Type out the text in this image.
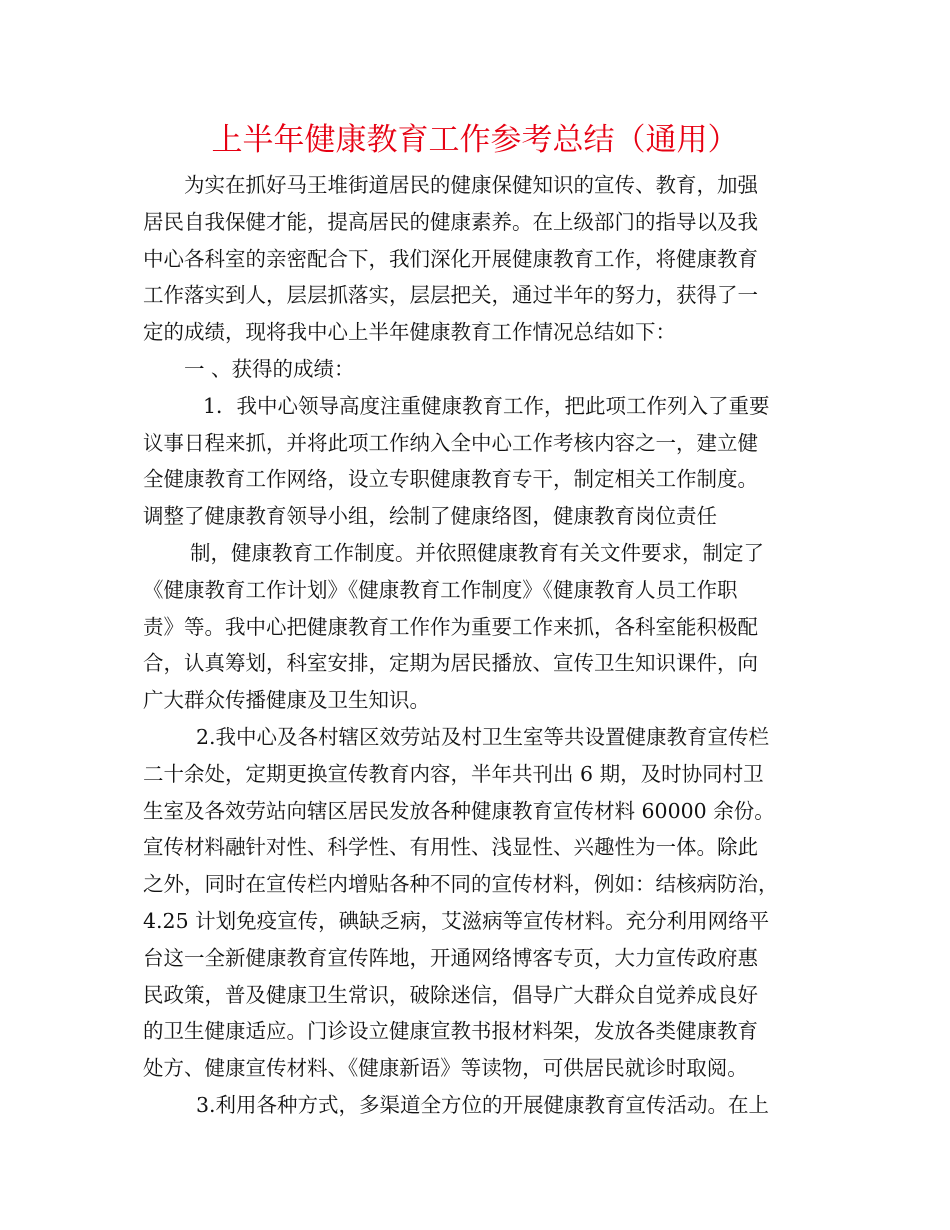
上半年健康教育工作参考总结（通用）

为实在抓好马王堆街道居民的健康保健知识的宣传、教育，加强

居民自我保健才能，提高居民的健康素养。在上级部门的指导以及我

中心各科室的亲密配合下，我们深化开展健康教育工作，将健康教育

工作落实到人，层层抓落实，层层把关，通过半年的努力，获得了一

定的成绩，现将我中心上半年健康教育工作情况总结如下：

一 、获得的成绩：

1．我中心领导高度注重健康教育工作，把此项工作列入了重要

议事日程来抓，并将此项工作纳入全中心工作考核内容之一，建立健

全健康教育工作网络，设立专职健康教育专干，制定相关工作制度。

调整了健康教育领导小组，绘制了健康络图，健康教育岗位责任

制，健康教育工作制度。并依照健康教育有关文件要求，制定了

《健康教育工作计划》《健康教育工作制度》《健康教育人员工作职

责》等。我中心把健康教育工作作为重要工作来抓，各科室能积极配

合，认真筹划，科室安排，定期为居民播放、宣传卫生知识课件，向

广大群众传播健康及卫生知识。

2.我中心及各村辖区效劳站及村卫生室等共设置健康教育宣传栏

二十余处，定期更换宣传教育内容，半年共刊出 6 期，及时协同村卫

生室及各效劳站向辖区居民发放各种健康教育宣传材料 60000 余份。

宣传材料融针对性、科学性、有用性、浅显性、兴趣性为一体。除此

之外，同时在宣传栏内增贴各种不同的宣传材料，例如：结核病防治，

4.25 计划免疫宣传，碘缺乏病，艾滋病等宣传材料。充分利用网络平

台这一全新健康教育宣传阵地，开通网络博客专页，大力宣传政府惠

民政策，普及健康卫生常识，破除迷信，倡导广大群众自觉养成良好

的卫生健康适应。门诊设立健康宣教书报材料架，发放各类健康教育

处方、健康宣传材料、《健康新语》等读物，可供居民就诊时取阅。

3.利用各种方式，多渠道全方位的开展健康教育宣传活动。在上
